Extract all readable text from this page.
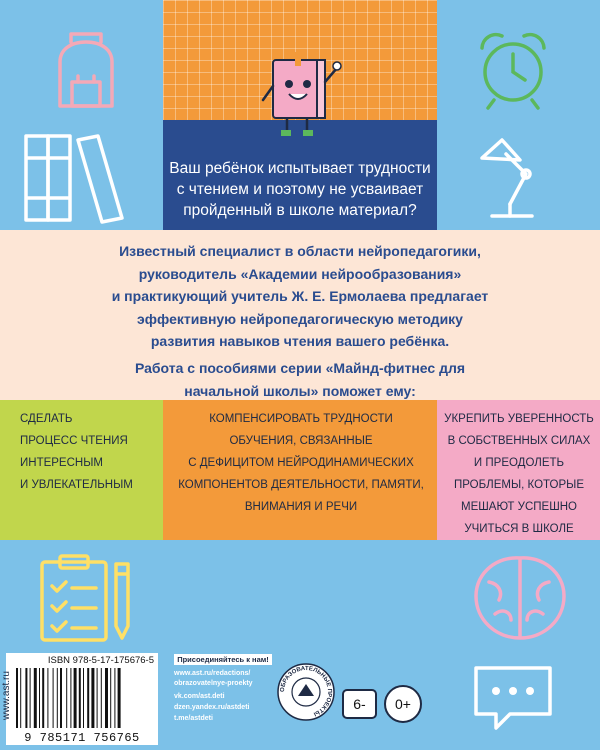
Ваш ребёнок испытывает трудности
с чтением и поэтому не усваивает
пройденный в школе материал?
Известный специалист в области нейропедагогики,
руководитель «Академии нейрообразования»
и практикующий учитель Ж. Е. Ермолаева предлагает
эффективную нейропедагогическую методику
развития навыков чтения вашего ребёнка.
Работа с пособиями серии «Майнд-фитнес для
начальной школы» поможет ему:
СДЕЛАТЬ
ПРОЦЕСС ЧТЕНИЯ
ИНТЕРЕСНЫМ
И УВЛЕКАТЕЛЬНЫМ
КОМПЕНСИРОВАТЬ ТРУДНОСТИ
ОБУЧЕНИЯ, СВЯЗАННЫЕ
С ДЕФИЦИТОМ НЕЙРОДИНАМИЧЕСКИХ
КОМПОНЕНТОВ ДЕЯТЕЛЬНОСТИ, ПАМЯТИ,
ВНИМАНИЯ И РЕЧИ
УКРЕПИТЬ УВЕРЕННОСТЬ
В СОБСТВЕННЫХ СИЛАХ
И ПРЕОДОЛЕТЬ
ПРОБЛЕМЫ, КОТОРЫЕ
МЕШАЮТ УСПЕШНО
УЧИТЬСЯ В ШКОЛЕ
ISBN 978-5-17-175676-5
9 785171 756765
www.ast.ru
Присоединяйтесь к нам!
www.ast.ru/redactions/
obrazovatelnye-proekty
vk.com/ast.deti
dzen.yandex.ru/astdeti
t.me/astdeti
ОБРАЗОВАТЕЛЬНЫЕ ПРОЕКТЫ
6-	0+
